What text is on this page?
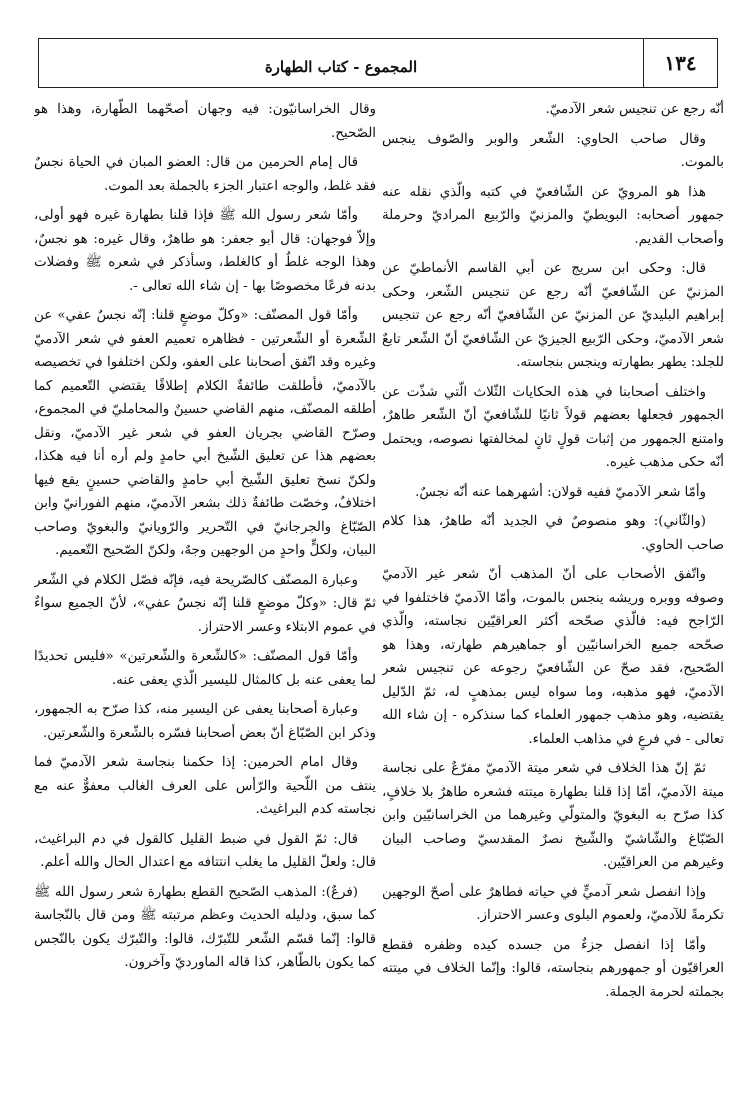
١٣٤
المجموع - كتاب الطهارة

أنّه رجع عن تنجيس شعر الآدميّ.

وقال صاحب الحاوي: الشّعر والوبر والصّوف ينجس بالموت.

هذا هو المرويّ عن الشّافعيّ في كتبه والّذي نقله عنه جمهور أصحابه: البويطيّ والمزنيّ والرّبيع المراديّ وحرملة وأصحاب القديم.

قال: وحكى ابن سريج عن أبي القاسم الأنماطيّ عن المزنيّ عن الشّافعيّ أنّه رجع عن تنجيس الشّعر، وحكى إبراهيم البليديّ عن المزنيّ عن الشّافعيّ أنّه رجع عن تنجيس شعر الآدميّ، وحكى الرّبيع الجيزيّ عن الشّافعيّ أنّ الشّعر تابعٌ للجلد: يطهر بطهارته وينجس بنجاسته.

واختلف أصحابنا في هذه الحكايات الثّلاث الّتي شذّت عن الجمهور فجعلها بعضهم قولاً ثانيًا للشّافعيّ أنّ الشّعر طاهرٌ، وامتنع الجمهور من إثبات قولٍ ثانٍ لمخالفتها نصوصه، ويحتمل أنّه حكى مذهب غيره.

وأمّا شعر الآدميّ ففيه قولان: أشهرهما عنه أنّه نجسٌ.

(والثّاني): وهو منصوصٌ في الجديد أنّه طاهرٌ، هذا كلام صاحب الحاوي.

واتّفق الأصحاب على أنّ المذهب أنّ شعر غير الآدميّ وصوفه ووبره وريشه ينجس بالموت، وأمّا الآدميّ فاختلفوا في الرّاجح فيه: فالّذي صحّحه أكثر العراقيّين نجاسته، والّذي صحّحه جميع الخراسانيّين أو جماهيرهم طهارته، وهذا هو الصّحيح، فقد صحّ عن الشّافعيّ رجوعه عن تنجيس شعر الآدميّ، فهو مذهبه، وما سواه ليس بمذهبٍ له، ثمّ الدّليل يقتضيه، وهو مذهب جمهور العلماء كما سنذكره - إن شاء الله تعالى - في فرعٍ في مذاهب العلماء.

ثمّ إنّ هذا الخلاف في شعر ميتة الآدميّ مفرّعٌ على نجاسة ميتة الآدميّ، أمّا إذا قلنا بطهارة ميتته فشعره طاهرٌ بلا خلافٍ، كذا صرّح به البغويّ والمتولّي وغيرهما من الخراسانيّين وابن الصّبّاغ والشّاشيّ والشّيخ نصرٌ المقدسيّ وصاحب البيان وغيرهم من العراقيّين.

وإذا انفصل شعر آدميٍّ في حياته فطاهرٌ على أصحّ الوجهين تكرمةً للآدميّ، ولعموم البلوى وعسر الاحتراز.

وأمّا إذا انفصل جزءٌ من جسده كيده وظفره فقطع العراقيّون أو جمهورهم بنجاسته، قالوا: وإنّما الخلاف في ميتته بجملته لحرمة الجملة.

وقال الخراسانيّون: فيه وجهان أصحّهما الطّهارة، وهذا هو الصّحيح.

قال إمام الحرمين من قال: العضو المبان في الحياة نجسٌ فقد غلط، والوجه اعتبار الجزء بالجملة بعد الموت.

وأمّا شعر رسول الله ﷺ فإذا قلنا بطهارة غيره فهو أولى، وإلاّ فوجهان: قال أبو جعفر: هو طاهرٌ، وقال غيره: هو نجسٌ، وهذا الوجه غلطٌ أو كالغلط، وسأذكر في شعره ﷺ وفضلات بدنه فرعًا مخصوصًا بها - إن شاء الله تعالى -.

وأمّا قول المصنّف: «وكلّ موضعٍ قلنا: إنّه نجسٌ عفي» عن الشّعرة أو الشّعرتين - فظاهره تعميم العفو في شعر الآدميّ وغيره وقد اتّفق أصحابنا على العفو، ولكن اختلفوا في تخصيصه بالآدميّ، فأطلقت طائفةٌ الكلام إطلاقًا يقتضي التّعميم كما أطلقه المصنّف، منهم القاضي حسينٌ والمحامليّ في المجموع، وصرّح القاضي بجريان العفو في شعر غير الآدميّ، ونقل بعضهم هذا عن تعليق الشّيخ أبي حامدٍ ولم أره أنا فيه هكذا، ولكنّ نسخ تعليق الشّيخ أبي حامدٍ والقاضي حسينٍ يقع فيها اختلافٌ، وخصّت طائفةٌ ذلك بشعر الآدميّ، منهم الفورانيّ وابن الصّبّاغ والجرجانيّ في التّحرير والرّويانيّ والبغويّ وصاحب البيان، ولكلٍّ واحدٍ من الوجهين وجهٌ، ولكنّ الصّحيح التّعميم.

وعبارة المصنّف كالصّريحة فيه، فإنّه فصّل الكلام في الشّعر ثمّ قال: «وكلّ موضعٍ قلنا إنّه نجسٌ عفي»، لأنّ الجميع سواءٌ في عموم الابتلاء وعسر الاحتراز.

وأمّا قول المصنّف: «كالشّعرة والشّعرتين» «فليس تحديدًا لما يعفى عنه بل كالمثال لليسير الّذي يعفى عنه.

وعبارة أصحابنا يعفى عن اليسير منه، كذا صرّح به الجمهور، وذكر ابن الصّبّاغ أنّ بعض أصحابنا فسّره بالشّعرة والشّعرتين.

وقال امام الحرمين: إذا حكمنا بنجاسة شعر الآدميّ فما ينتف من اللّحية والرّأس على العرف الغالب معفوٌّ عنه مع نجاسته كدم البراغيث.

قال: ثمّ القول في ضبط القليل كالقول في دم البراغيث، قال: ولعلّ القليل ما يغلب انتتافه مع اعتدال الحال والله أعلم.

(فرعٌ): المذهب الصّحيح القطع بطهارة شعر رسول الله ﷺ كما سبق، ودليله الحديث وعظم مرتبته ﷺ ومن قال بالنّجاسة قالوا: إنّما قسّم الشّعر للتّبرّك، قالوا: والتّبرّك يكون بالنّجس كما يكون بالطّاهر، كذا قاله الماورديّ وآخرون.
